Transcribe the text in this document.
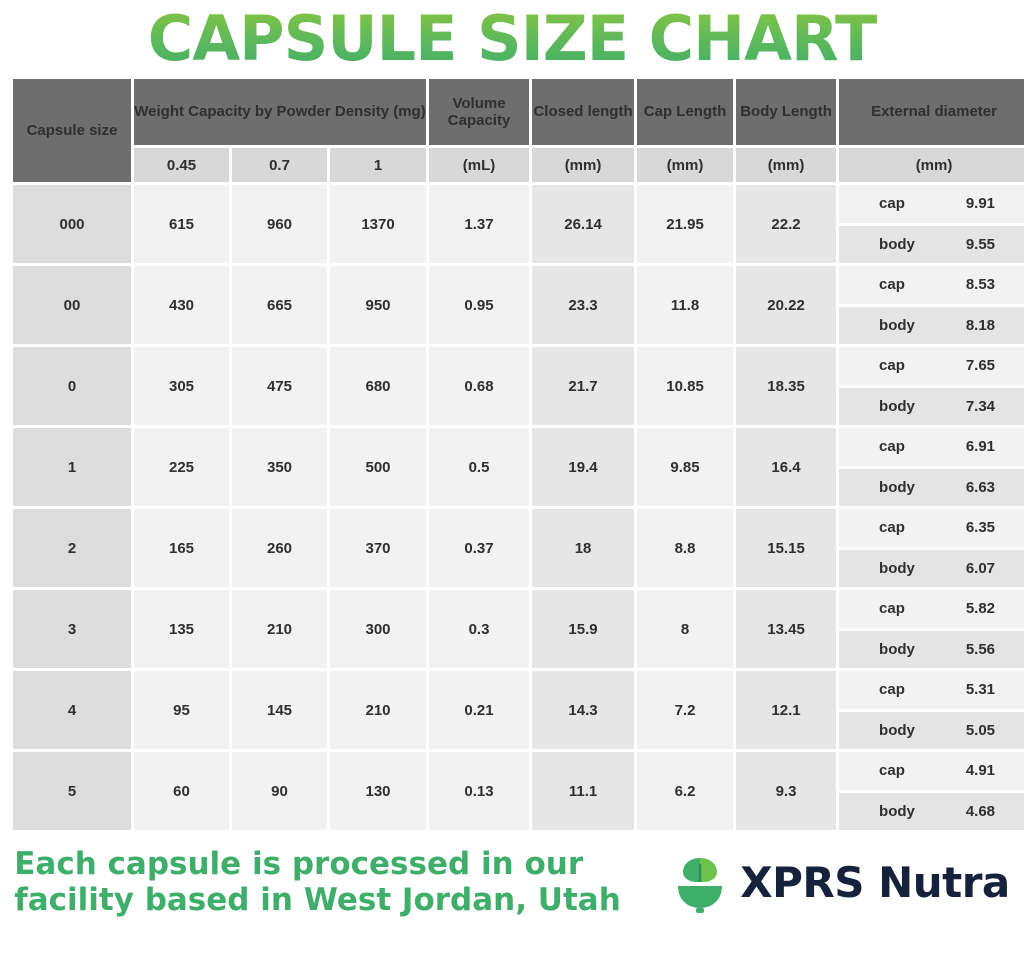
CAPSULE SIZE CHART
Capsule size	Weight Capacity by Powder Density (mg)			Volume Capacity	Closed length	Cap Length	Body Length	External diameter
	0.45	0.7	1	(mL)	(mm)	(mm)	(mm)	(mm)
000	615	960	1370	1.37	26.14	21.95	22.2	cap 9.91
body 9.55

00	430	665	950	0.95	23.3	11.8	20.22	cap 8.53
body 8.18

0	305	475	680	0.68	21.7	10.85	18.35	cap 7.65
body 7.34

1	225	350	500	0.5	19.4	9.85	16.4	cap 6.91
body 6.63

2	165	260	370	0.37	18	8.8	15.15	cap 6.35
body 6.07

3	135	210	300	0.3	15.9	8	13.45	cap 5.82
body 5.56

4	95	145	210	0.21	14.3	7.2	12.1	cap 5.31
body 5.05

5	60	90	130	0.13	11.1	6.2	9.3	cap 4.91
body 4.68
Each capsule is processed in our facility based in West Jordan, Utah	XPRS Nutra
